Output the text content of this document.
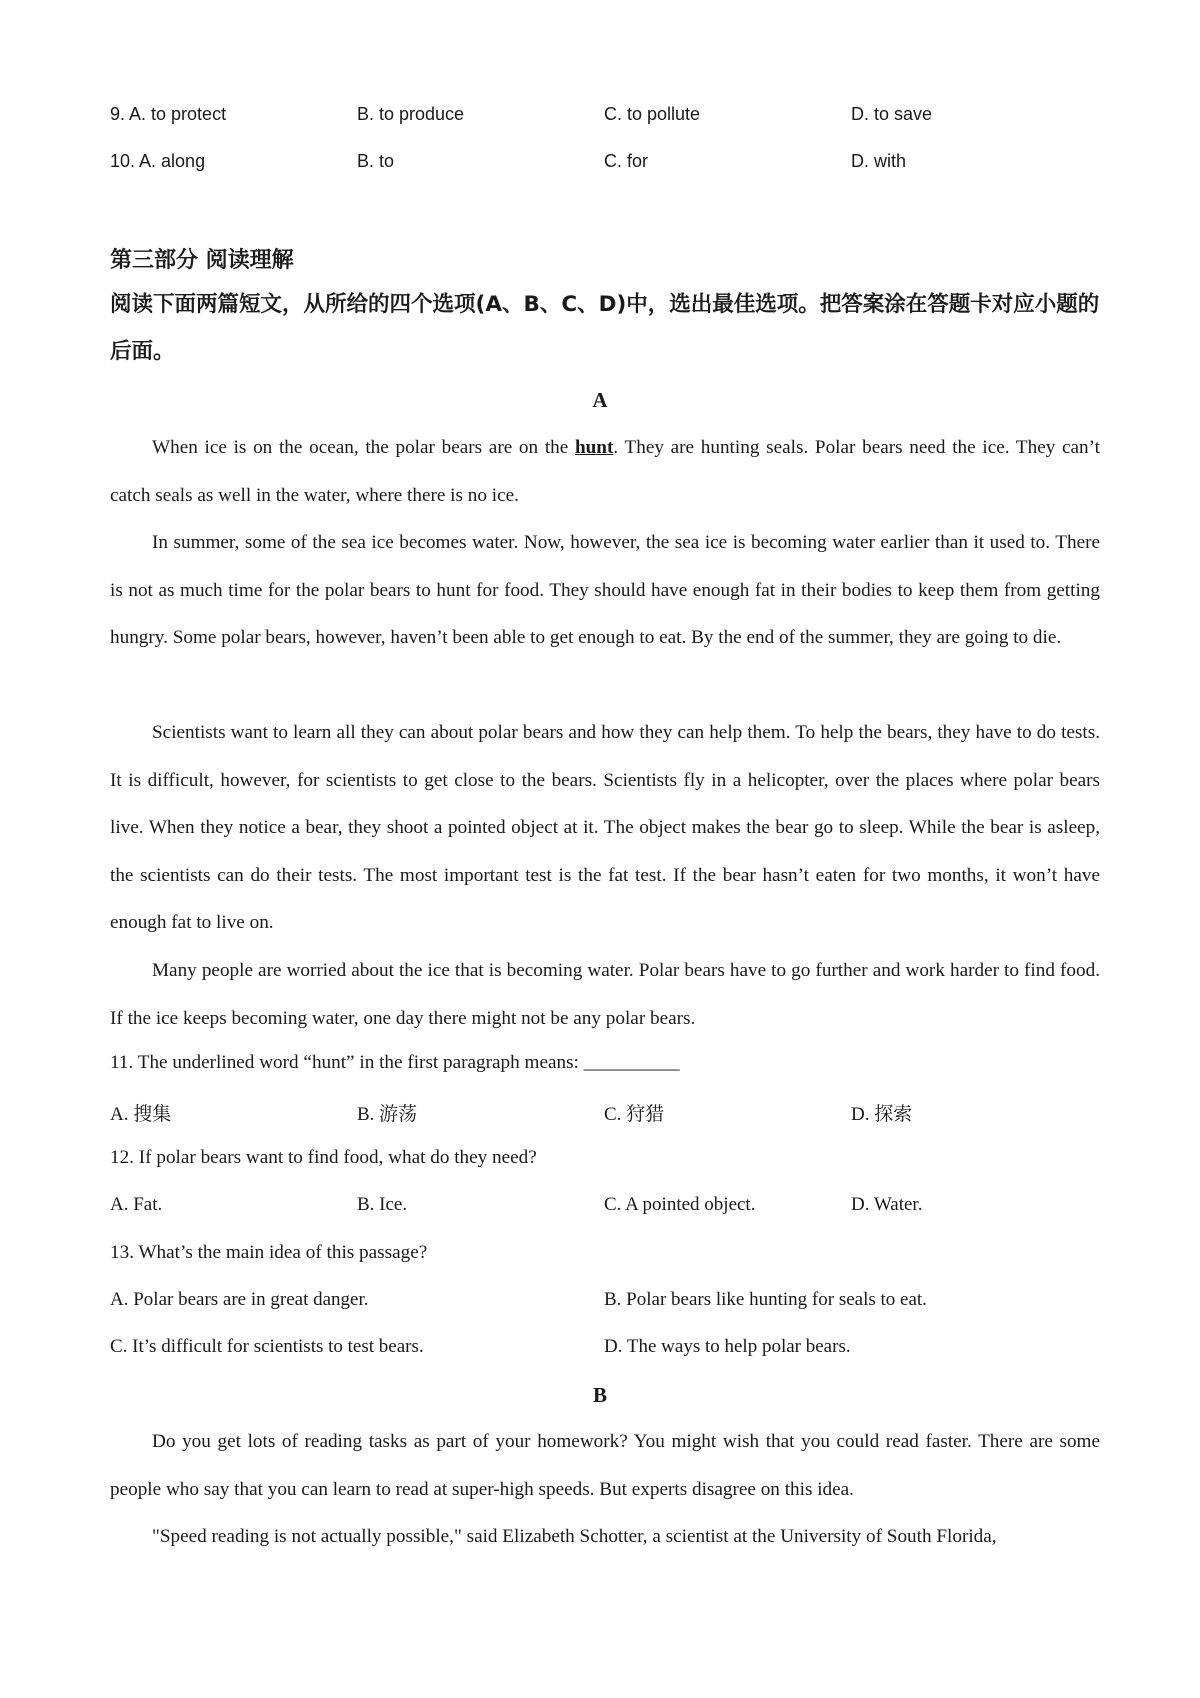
9. A. to protect	B. to produce	C. to pollute	D. to save
10. A. along	B. to	C. for	D. with
第三部分 阅读理解
阅读下面两篇短文，从所给的四个选项(A、B、C、D)中，选出最佳选项。把答案涂在答题卡对应小题的后面。
A
When ice is on the ocean, the polar bears are on the hunt. They are hunting seals. Polar bears need the ice. They can’t catch seals as well in the water, where there is no ice.
In summer, some of the sea ice becomes water. Now, however, the sea ice is becoming water earlier than it used to. There is not as much time for the polar bears to hunt for food. They should have enough fat in their bodies to keep them from getting hungry. Some polar bears, however, haven’t been able to get enough to eat. By the end of the summer, they are going to die.
Scientists want to learn all they can about polar bears and how they can help them. To help the bears, they have to do tests. It is difficult, however, for scientists to get close to the bears. Scientists fly in a helicopter, over the places where polar bears live. When they notice a bear, they shoot a pointed object at it. The object makes the bear go to sleep. While the bear is asleep, the scientists can do their tests. The most important test is the fat test. If the bear hasn’t eaten for two months, it won’t have enough fat to live on.
Many people are worried about the ice that is becoming water. Polar bears have to go further and work harder to find food. If the ice keeps becoming water, one day there might not be any polar bears.
11. The underlined word “hunt” in the first paragraph means: __________
A. 搜集	B. 游荡	C. 狩猎	D. 探索
12. If polar bears want to find food, what do they need?
A. Fat.	B. Ice.	C. A pointed object.	D. Water.
13. What’s the main idea of this passage?
A. Polar bears are in great danger.	B. Polar bears like hunting for seals to eat.
C. It’s difficult for scientists to test bears.	D. The ways to help polar bears.
B
Do you get lots of reading tasks as part of your homework? You might wish that you could read faster. There are some people who say that you can learn to read at super-high speeds. But experts disagree on this idea.
"Speed reading is not actually possible," said Elizabeth Schotter, a scientist at the University of South Florida,
